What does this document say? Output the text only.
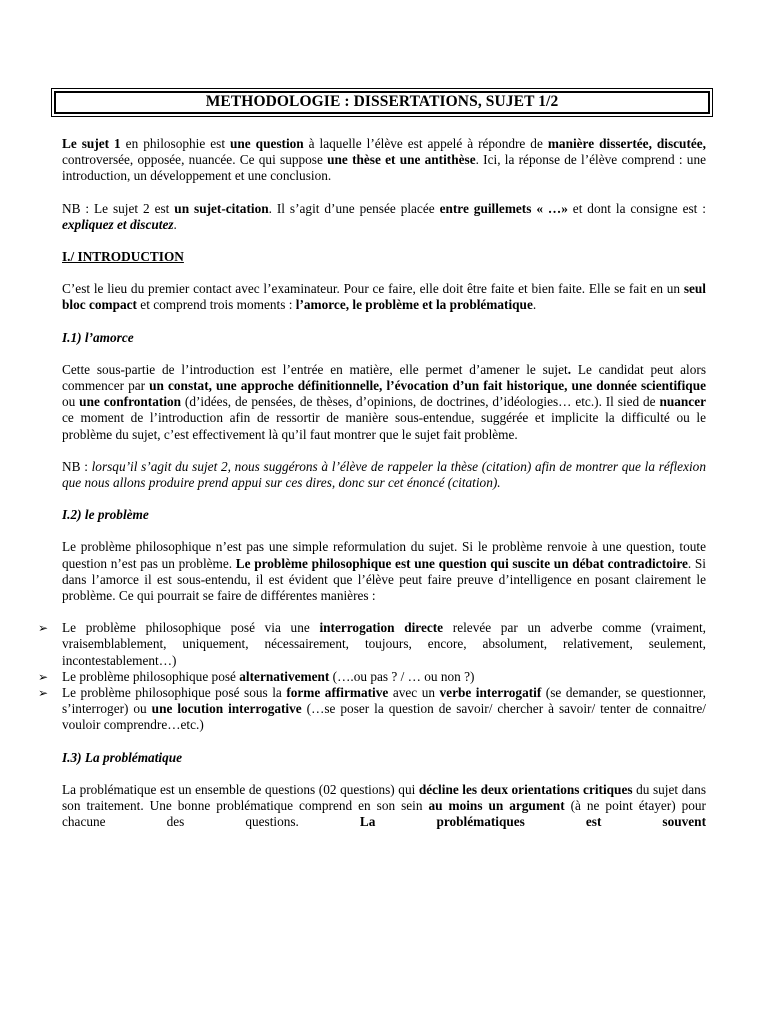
METHODOLOGIE : DISSERTATIONS, SUJET 1/2

Le sujet 1 en philosophie est une question à laquelle l’élève est appelé à répondre de manière dissertée, discutée, controversée, opposée, nuancée. Ce qui suppose une thèse et une antithèse. Ici, la réponse de l’élève comprend : une introduction, un développement et une conclusion.

NB : Le sujet 2 est un sujet-citation. Il s’agit d’une pensée placée entre guillemets « …» et dont la consigne est : expliquez et discutez.

I./ INTRODUCTION

C’est le lieu du premier contact avec l’examinateur. Pour ce faire, elle doit être faite et bien faite. Elle se fait en un seul bloc compact et comprend trois moments : l’amorce, le problème et la problématique.

I.1) l’amorce

Cette sous-partie de l’introduction est l’entrée en matière, elle permet d’amener le sujet. Le candidat peut alors commencer par un constat, une approche définitionnelle, l’évocation d’un fait historique, une donnée scientifique ou une confrontation (d’idées, de pensées, de thèses, d’opinions, de doctrines, d’idéologies… etc.). Il sied de nuancer ce moment de l’introduction afin de ressortir de manière sous-entendue, suggérée et implicite la difficulté ou le problème du sujet, c’est effectivement là qu’il faut montrer que le sujet fait problème.

NB : lorsqu’il s’agit du sujet 2, nous suggérons à l’élève de rappeler la thèse (citation) afin de montrer que la réflexion que nous allons produire prend appui sur ces dires, donc sur cet énoncé (citation).

I.2) le problème

Le problème philosophique n’est pas une simple reformulation du sujet. Si le problème renvoie à une question, toute question n’est pas un problème. Le problème philosophique est une question qui suscite un débat contradictoire. Si dans l’amorce il est sous-entendu, il est évident que l’élève peut faire preuve d’intelligence en posant clairement le problème. Ce qui pourrait se faire de différentes manières :

➢ Le problème philosophique posé via une interrogation directe relevée par un adverbe comme (vraiment, vraisemblablement, uniquement, nécessairement, toujours, encore, absolument, relativement, seulement, incontestablement…)
➢ Le problème philosophique posé alternativement (….ou pas ? / … ou non ?)
➢ Le problème philosophique posé sous la forme affirmative avec un verbe interrogatif (se demander, se questionner, s’interroger) ou une locution interrogative (…se poser la question de savoir/ chercher à savoir/ tenter de connaitre/ vouloir comprendre…etc.)

I.3) La problématique

La problématique est un ensemble de questions (02 questions) qui décline les deux orientations critiques du sujet dans son traitement. Une bonne problématique comprend en son sein au moins un argument (à ne point étayer) pour chacune des questions. La problématiques est souvent
